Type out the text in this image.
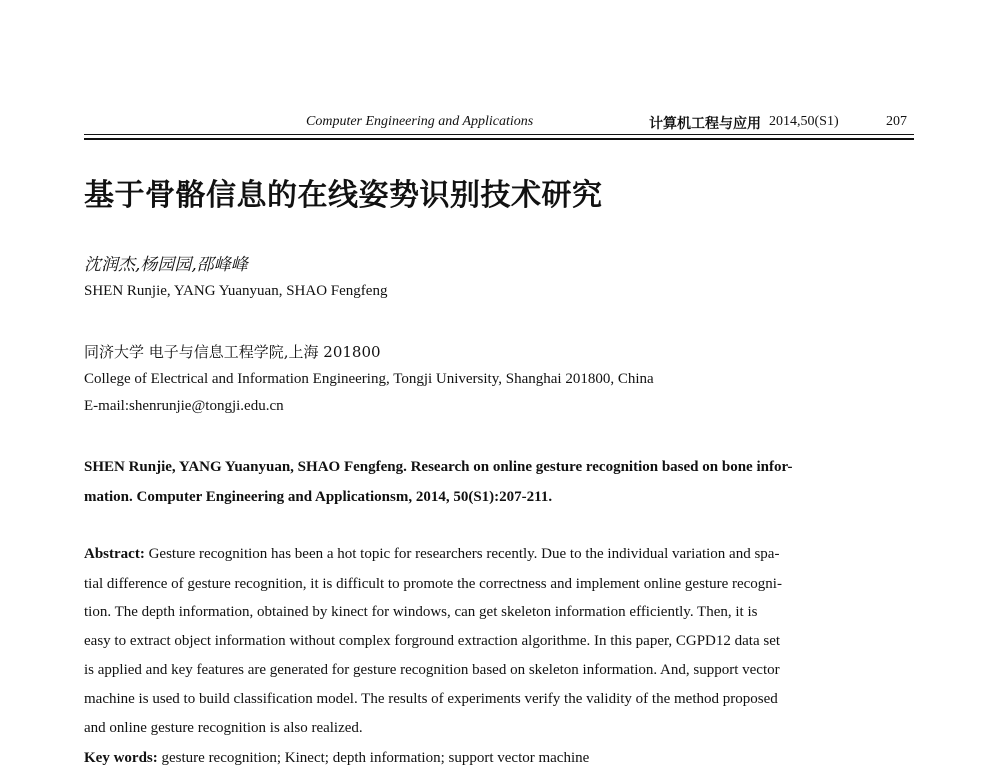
Computer Engineering and Applications	计算机工程与应用 2014,50(S1)	207
基于骨骼信息的在线姿势识别技术研究
沈润杰,杨园园,邵峰峰
SHEN Runjie, YANG Yuanyuan, SHAO Fengfeng
同济大学 电子与信息工程学院,上海 201800
College of Electrical and Information Engineering, Tongji University, Shanghai 201800, China
E-mail:shenrunjie@tongji.edu.cn
SHEN Runjie, YANG Yuanyuan, SHAO Fengfeng. Research on online gesture recognition based on bone infor-
mation. Computer Engineering and Applicationsm, 2014, 50(S1):207-211.
Abstract: Gesture recognition has been a hot topic for researchers recently. Due to the individual variation and spa-
tial difference of gesture recognition, it is difficult to promote the correctness and implement online gesture recogni-
tion. The depth information, obtained by kinect for windows, can get skeleton information efficiently. Then, it is
easy to extract object information without complex forground extraction algorithme. In this paper, CGPD12 data set
is applied and key features are generated for gesture recognition based on skeleton information. And, support vector
machine is used to build classification model. The results of experiments verify the validity of the method proposed
and online gesture recognition is also realized.
Key words: gesture recognition; Kinect; depth information; support vector machine
